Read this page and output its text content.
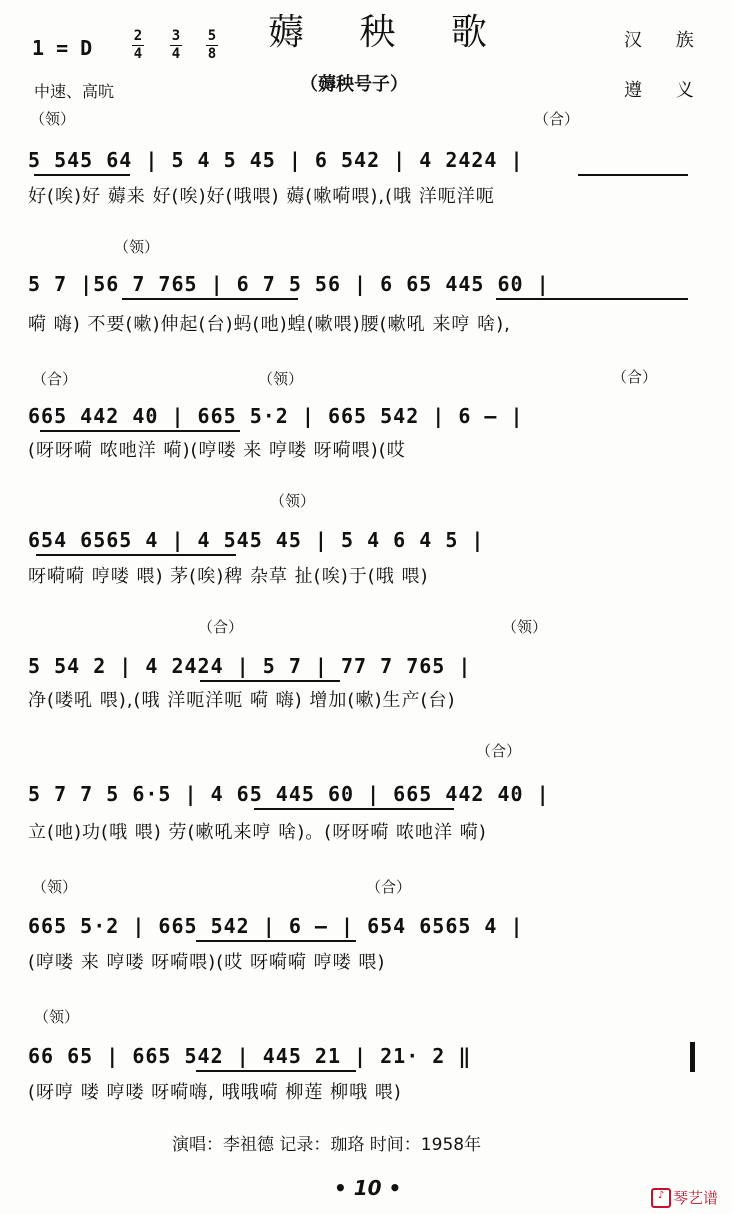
薅 秧 歌
（薅秧号子）
1 = D	2
4
3
4
5
8
中速、高吭
汉 族
遵 义
（领）	（合）
5 545 64 | 5 4 5 45 | 6 542 | 4 2424 |
好(唉)好 薅来 好(唉)好(哦喂) 薅(嗽嗬喂),(哦 洋呃洋呃
（领）
5 7 |56 7 765 | 6 7 5 56 | 6 65 445 60 |
嗬 嗨) 不要(嗽)伸起(台)蚂(吔)蝗(嗽喂)腰(嗽吼 来哼 啥),
（合）	（领）	（合）
665 442 40 | 665 5·2 | 665 542 | 6 — |
(呀呀嗬 哝吔洋 嗬)(哼喽 来 哼喽 呀嗬喂)(哎
（领）
654 6565 4 | 4 545 45 | 5 4 6 4 5 |
呀嗬嗬 哼喽 喂) 茅(唉)稗 杂草 扯(唉)于(哦 喂)
（合）	（领）
5 54 2 | 4 2424 | 5 7 | 77 7 765 |
净(喽吼 喂),(哦 洋呃洋呃 嗬 嗨) 增加(嗽)生产(台)
（合）
5 7 7 5 6·5 | 4 65 445 60 | 665 442 40 |
立(吔)功(哦 喂) 劳(嗽吼来哼 啥)。(呀呀嗬 哝吔洋 嗬)
（领）	（合）
665 5·2 | 665 542 | 6 — | 654 6565 4 |
(哼喽 来 哼喽 呀嗬喂)(哎 呀嗬嗬 哼喽 喂)
（领）
66 65 | 665 542 | 445 21 | 21· 2 ‖
(呀哼 喽 哼喽 呀嗬嗨, 哦哦嗬 柳莲 柳哦 喂)
演唱：李祖德 记录：珈珞 时间：1958年
• 10 •	♪ 琴艺谱
